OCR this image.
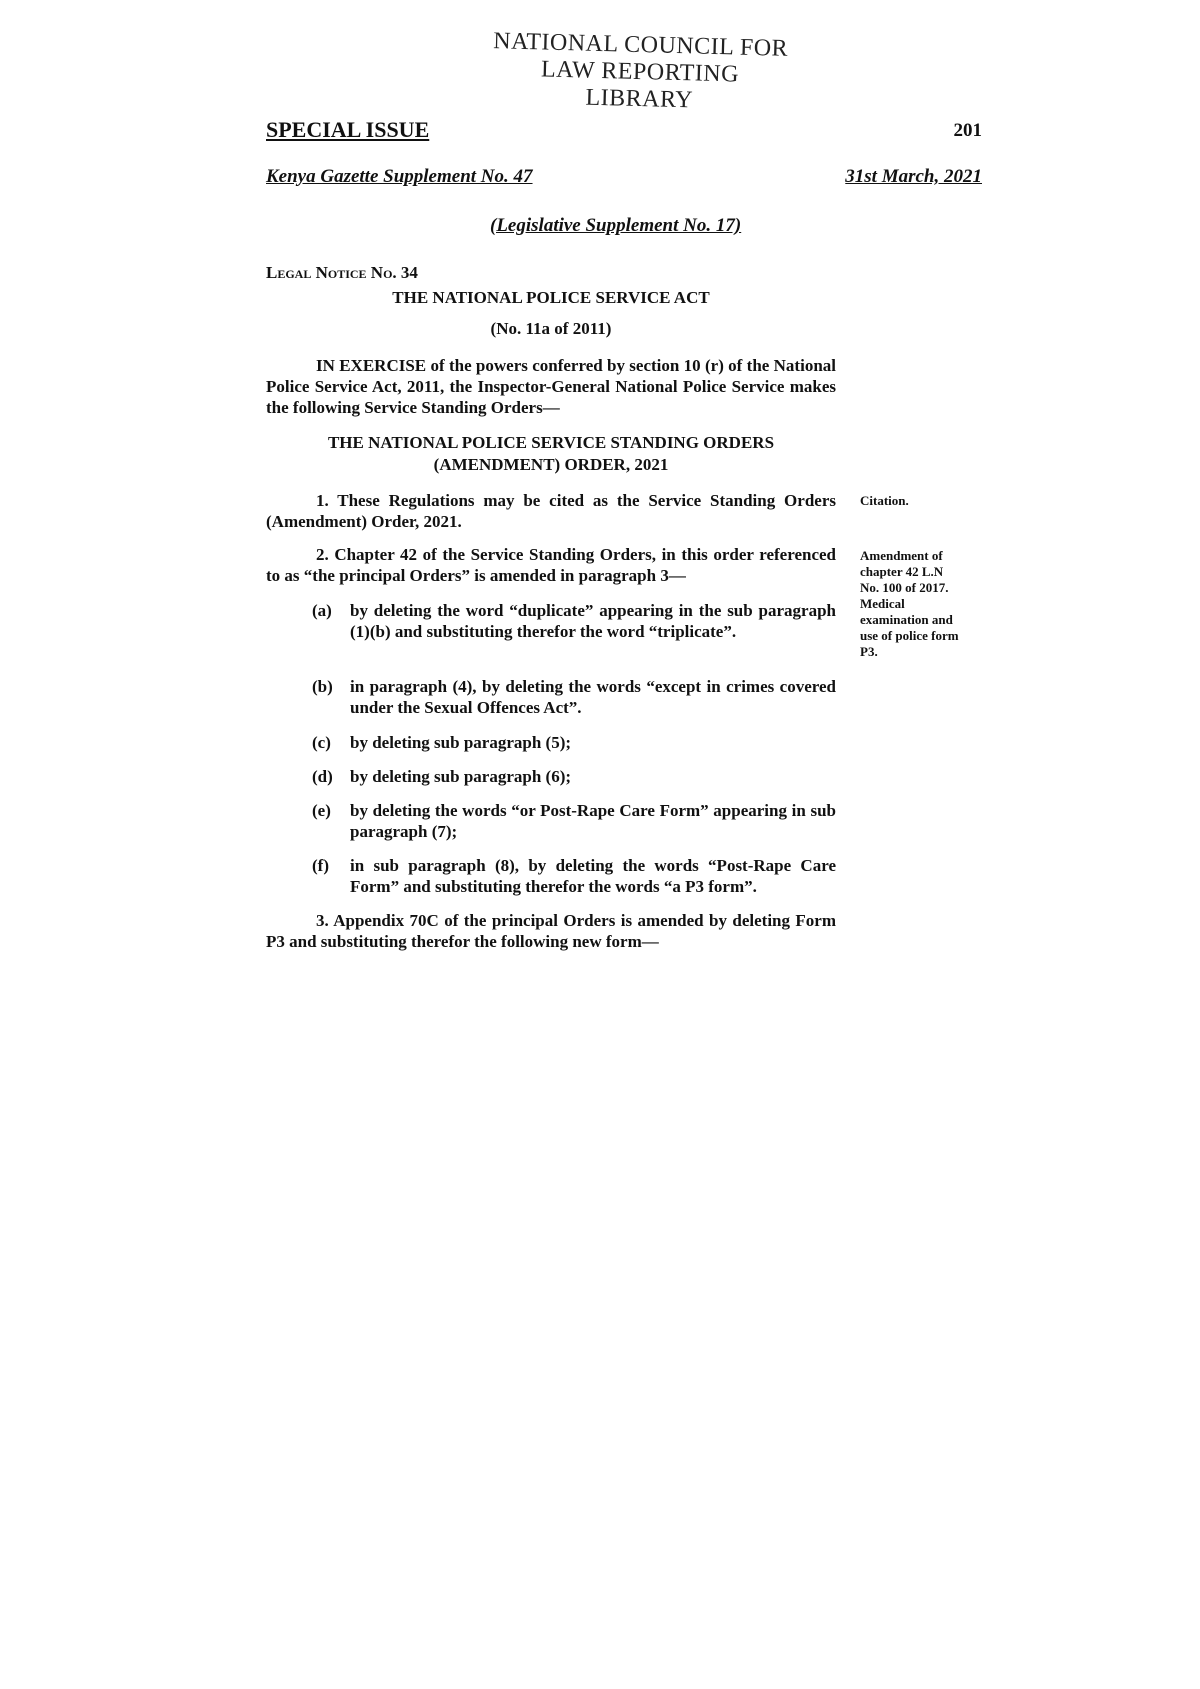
NATIONAL COUNCIL FOR
LAW REPORTING
LIBRARY
SPECIAL ISSUE	201
Kenya Gazette Supplement No. 47	31st March, 2021
(Legislative Supplement No. 17)
Legal Notice No. 34
THE NATIONAL POLICE SERVICE ACT
(No. 11a of 2011)
IN EXERCISE of the powers conferred by section 10 (r) of the National Police Service Act, 2011, the Inspector-General National Police Service makes the following Service Standing Orders—
THE NATIONAL POLICE SERVICE STANDING ORDERS
(AMENDMENT) ORDER, 2021
1. These Regulations may be cited as the Service Standing Orders (Amendment) Order, 2021.
Citation.
2. Chapter 42 of the Service Standing Orders, in this order referenced to as “the principal Orders” is amended in paragraph 3—
Amendment of
chapter 42 L.N
No. 100 of 2017.
Medical
examination and
use of police form
P3.
(a) by deleting the word “duplicate” appearing in the sub paragraph (1)(b) and substituting therefor the word “triplicate”.
(b) in paragraph (4), by deleting the words “except in crimes covered under the Sexual Offences Act”.
(c) by deleting sub paragraph (5);
(d) by deleting sub paragraph (6);
(e) by deleting the words “or Post-Rape Care Form” appearing in sub paragraph (7);
(f) in sub paragraph (8), by deleting the words “Post-Rape Care Form” and substituting therefor the words “a P3 form”.
3. Appendix 70C of the principal Orders is amended by deleting Form P3 and substituting therefor the following new form—
